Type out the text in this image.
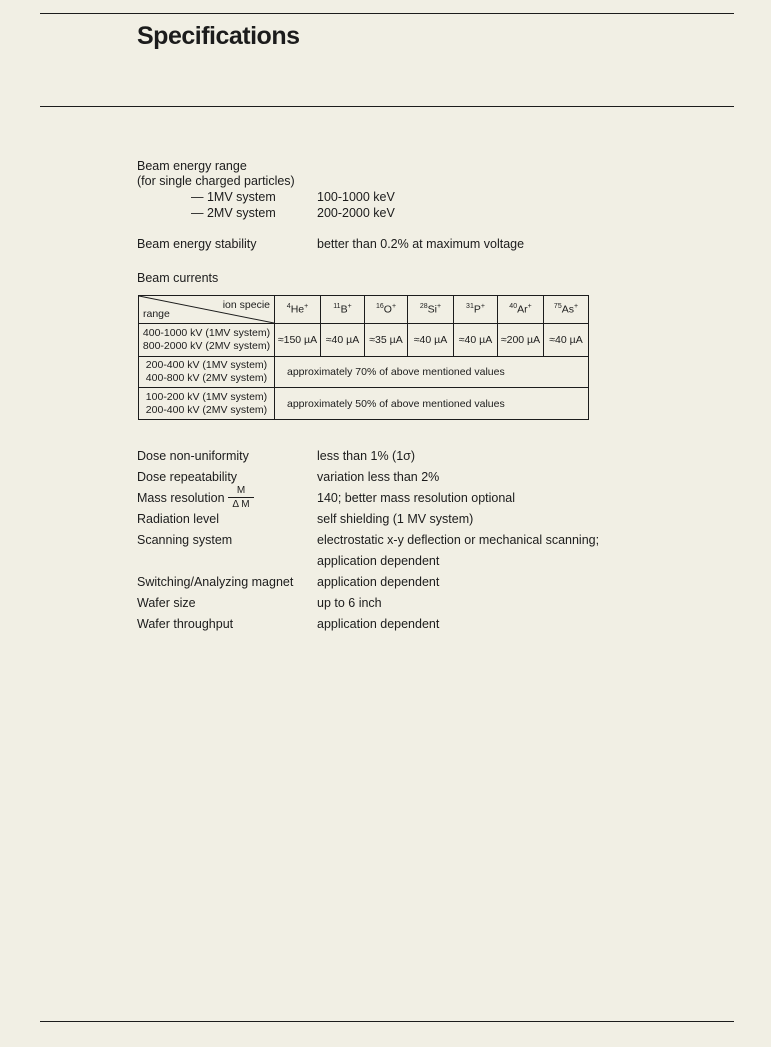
Specifications
Beam energy range
(for single charged particles)
— 1MV system	100-1000 keV
— 2MV system	200-2000 keV
Beam energy stability	better than 0.2% at maximum voltage
Beam currents
ion specie
range	$^4$He+	$^{11}$B+	$^{16}$O+	$^{28}$Si+	$^{31}$P+	$^{40}$Ar+	$^{75}$As+

400-1000 kV (1MV system)
800-2000 kV (2MV system)	≈150 µA	≈40 µA	≈35 µA	≈40 µA	≈40 µA	≈200 µA	≈40 µA

200-400 kV (1MV system)
400-800 kV (2MV system)	approximately 70% of above mentioned values						

100-200 kV (1MV system)
200-400 kV (2MV system)	approximately 50% of above mentioned values						
Dose non-uniformity	less than 1% (1σ)
Dose repeatability	variation less than 2%
Mass resolution $\frac{M}{\text{Δ M}}$	140; better mass resolution optional
Radiation level	self shielding (1 MV system)
Scanning system	electrostatic x-y deflection or mechanical scanning;
application dependent
Switching/Analyzing magnet application dependent
Wafer size	up to 6 inch
Wafer throughput	application dependent
